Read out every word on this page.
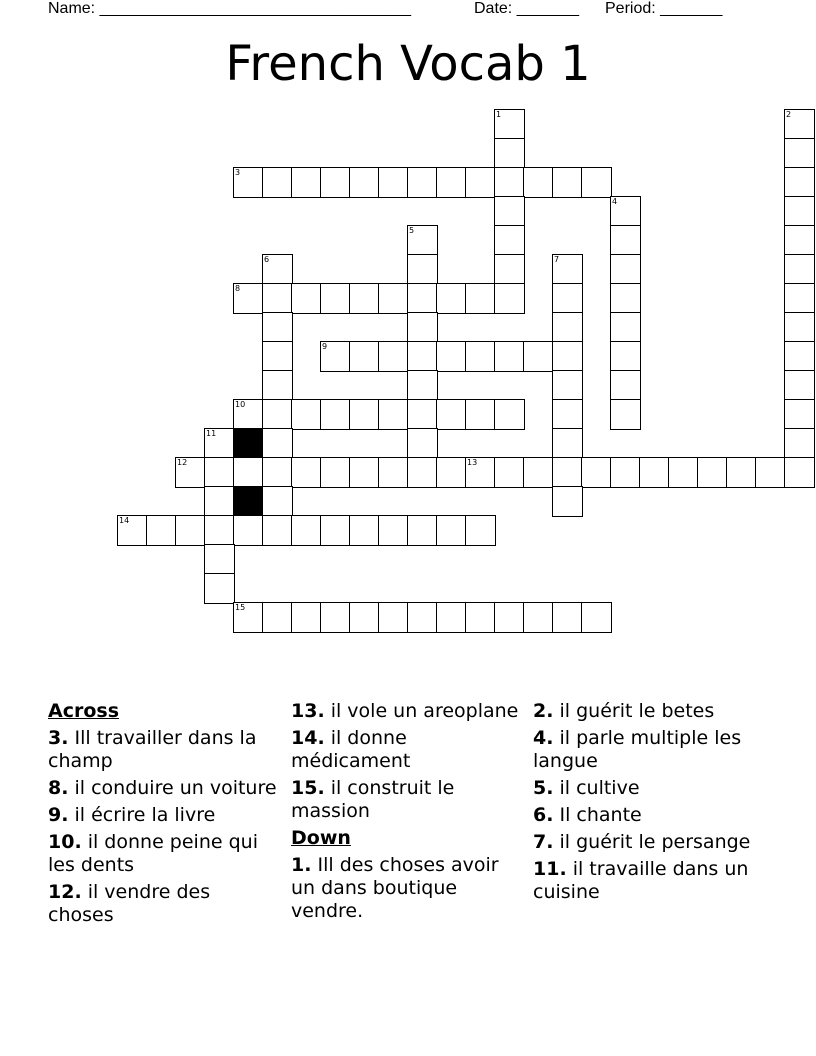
Name: ___________________________________	Date: _______ Period: _______
French Vocab 1
1	2
3
4
5
6	7
8
9
10
11
12	13
14
15
Across
3. Ill travailler dans la champ
8. il conduire un voiture
9. il écrire la livre
10. il donne peine qui les dents
12. il vendre des choses
13. il vole un areoplane
14. il donne médicament
15. il construit le massion
Down
1. Ill des choses avoir un dans boutique vendre.
2. il guérit le betes
4. il parle multiple les langue
5. il cultive
6. Il chante
7. il guérit le persange
11. il travaille dans un cuisine
